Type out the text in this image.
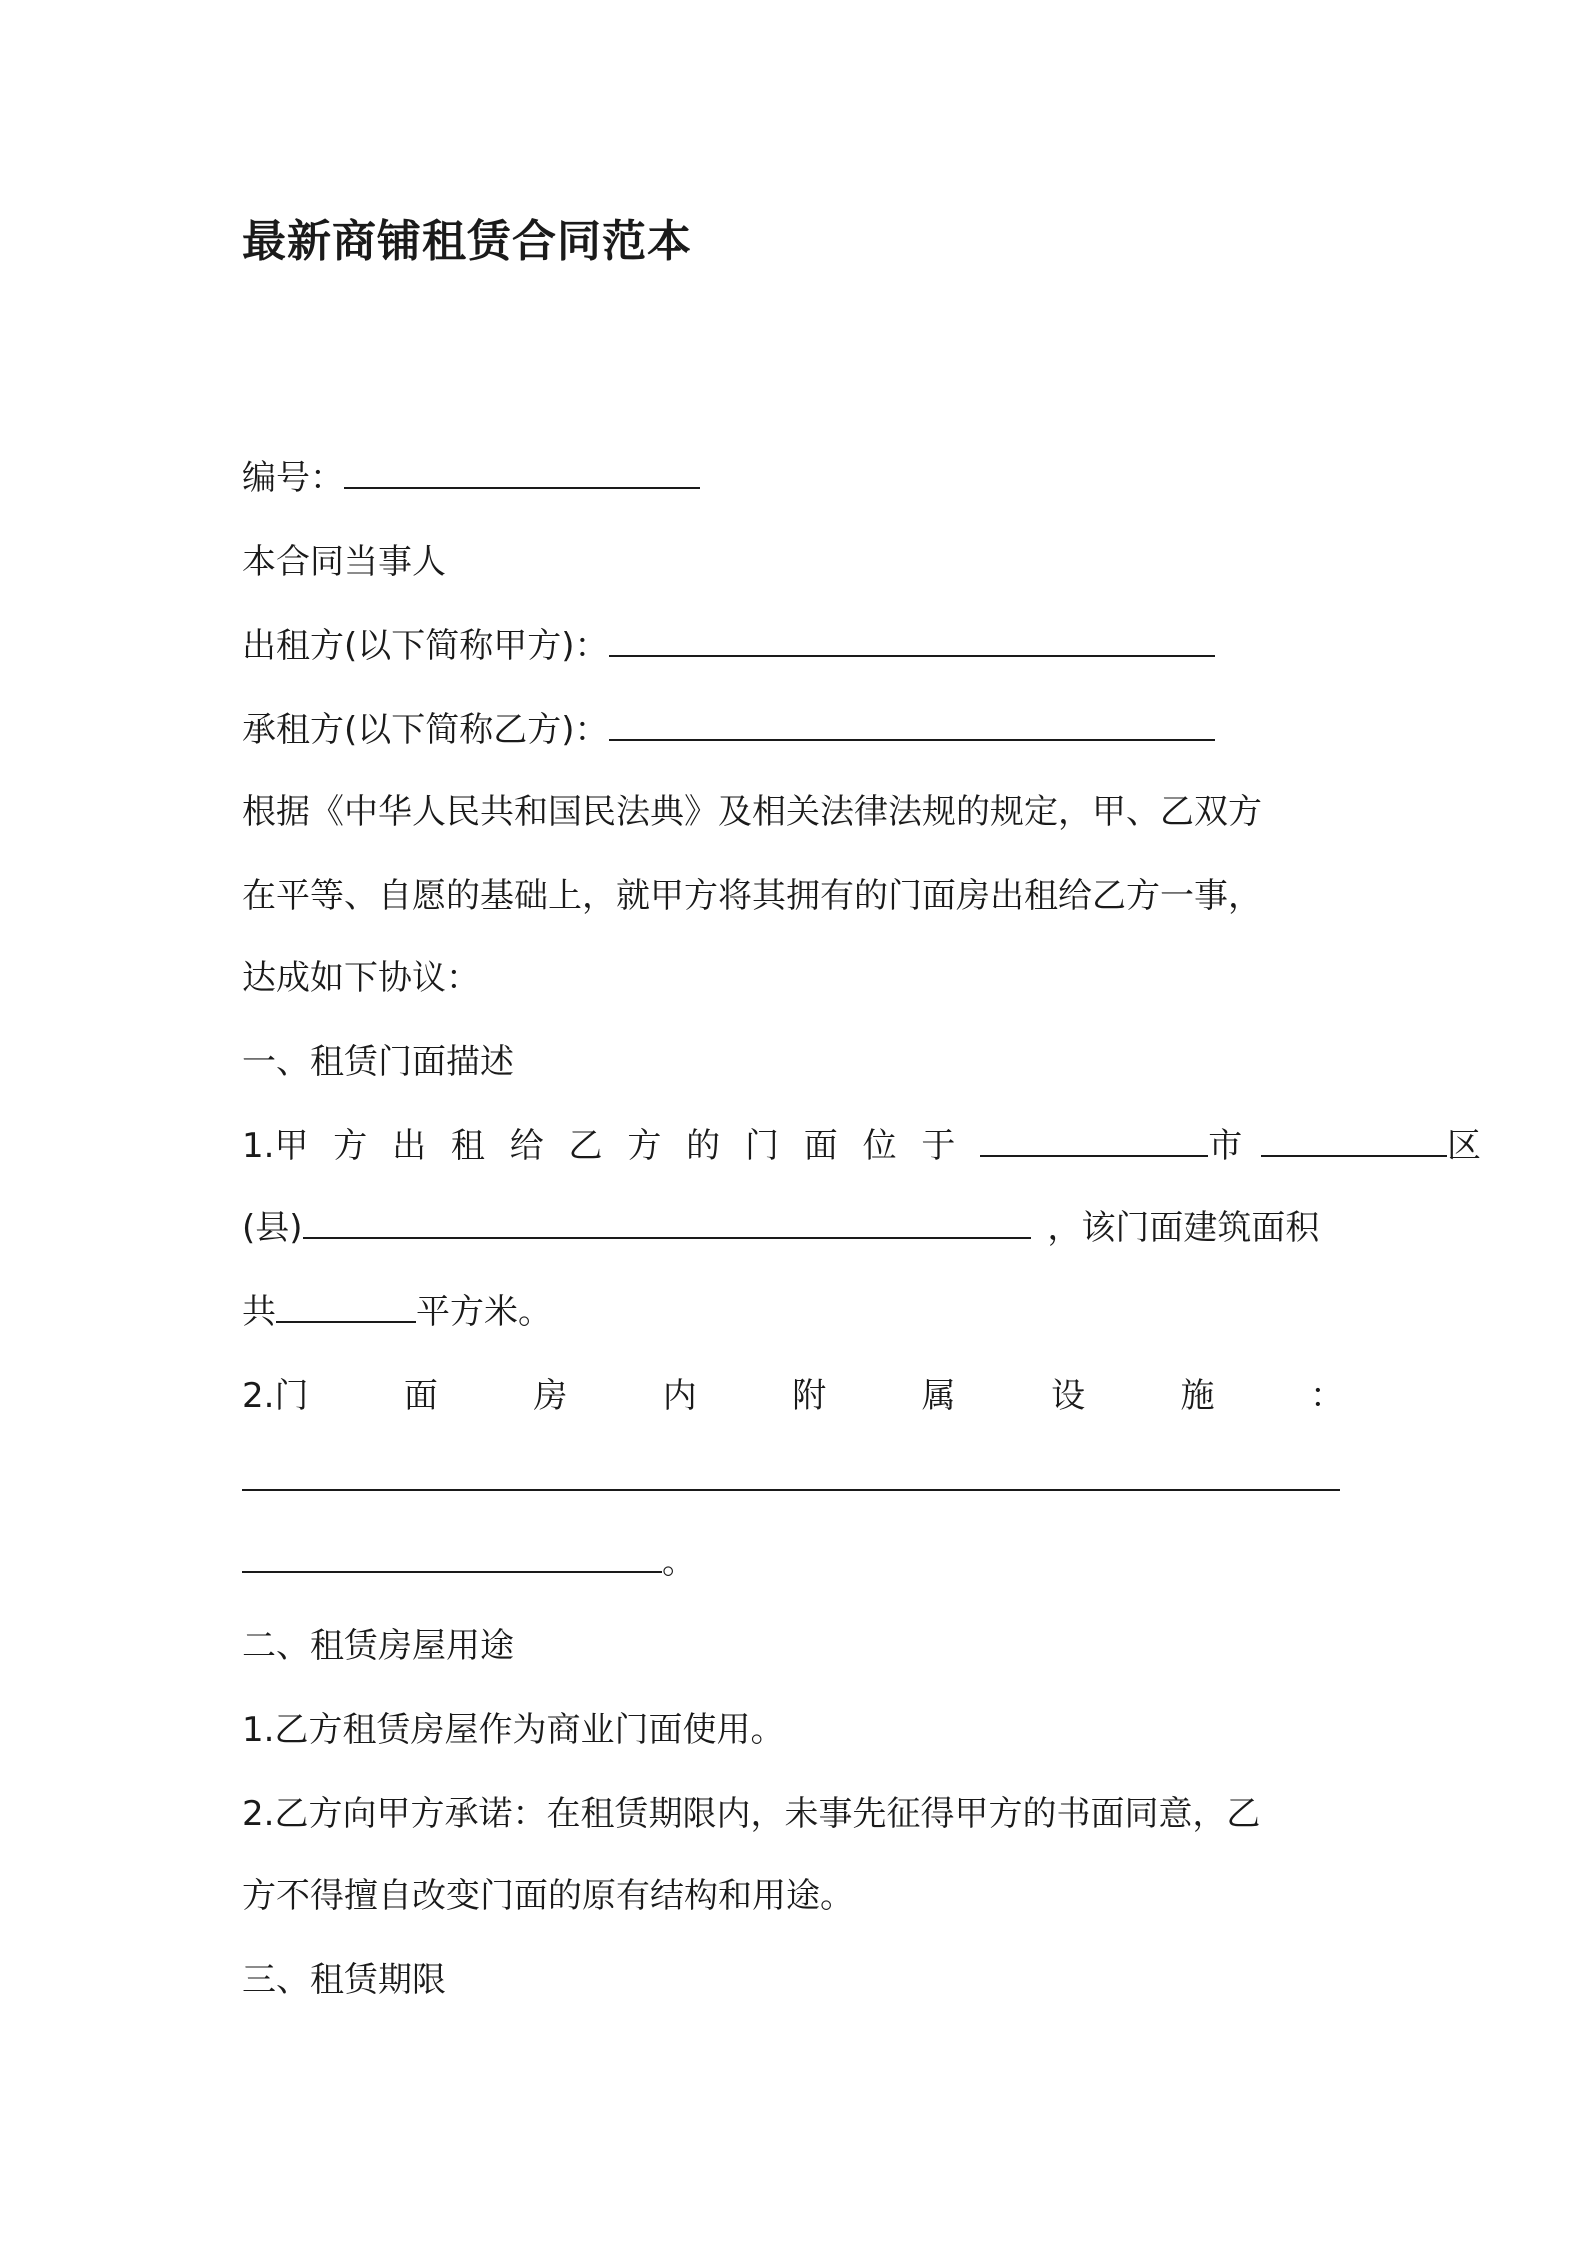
最新商铺租赁合同范本
编号：
本合同当事人
出租方(以下简称甲方)：
承租方(以下简称乙方)：
根据《中华人民共和国民法典》及相关法律法规的规定，甲、乙双方
在平等、自愿的基础上，就甲方将其拥有的门面房出租给乙方一事，
达成如下协议：
一、租赁门面描述
1.甲 方 出 租 给 乙 方 的 门 面 位 于	市	区
(县)	，该门面建筑面积
共	平方米。
2.门	面	房	内	附	属	设	施	：
。
二、租赁房屋用途
1.乙方租赁房屋作为商业门面使用。
2.乙方向甲方承诺：在租赁期限内，未事先征得甲方的书面同意，乙
方不得擅自改变门面的原有结构和用途。
三、租赁期限
